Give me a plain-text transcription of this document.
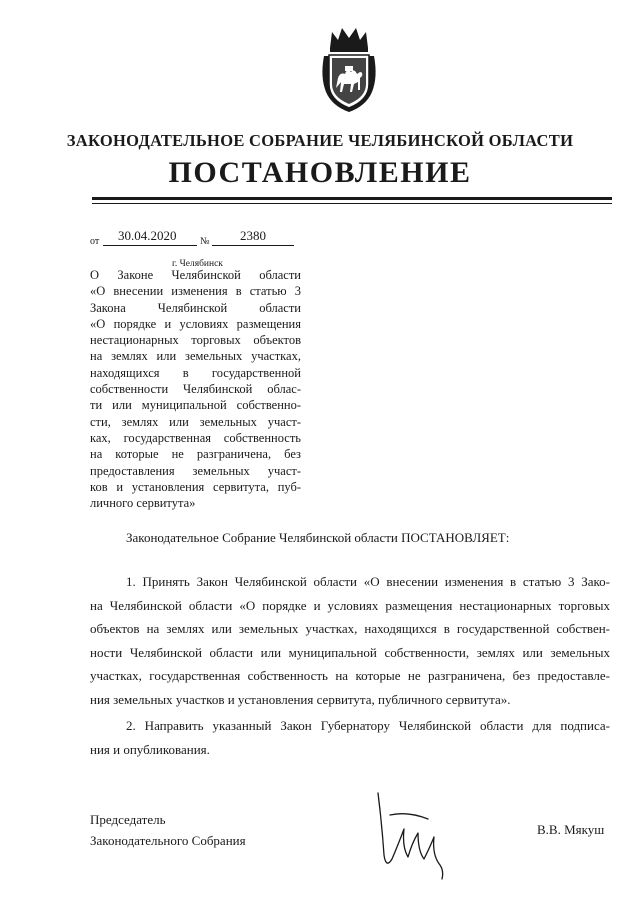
ЗАКОНОДАТЕЛЬНОЕ СОБРАНИЕ ЧЕЛЯБИНСКОЙ ОБЛАСТИ
ПОСТАНОВЛЕНИЕ
от 30.04.2020 № 2380
г. Челябинск
О Законе Челябинской области
«О внесении изменения в статью 3
Закона Челябинской области
«О порядке и условиях размещения
нестационарных торговых объектов
на землях или земельных участках,
находящихся в государственной
собственности Челябинской облас-
ти или муниципальной собственно-
сти, землях или земельных участ-
ках, государственная собственность
на которые не разграничена, без
предоставления земельных участ-
ков и установления сервитута, пуб-
личного сервитута»
Законодательное Собрание Челябинской области ПОСТАНОВЛЯЕТ:
1. Принять Закон Челябинской области «О внесении изменения в статью 3 Зако-
на Челябинской области «О порядке и условиях размещения нестационарных торговых
объектов на землях или земельных участках, находящихся в государственной собствен-
ности Челябинской области или муниципальной собственности, землях или земельных
участках, государственная собственность на которые не разграничена, без предоставле-
ния земельных участков и установления сервитута, публичного сервитута».
2. Направить указанный Закон Губернатору Челябинской области для подписа-
ния и опубликования.
Председатель
Законодательного Собрания
В.В. Мякуш
